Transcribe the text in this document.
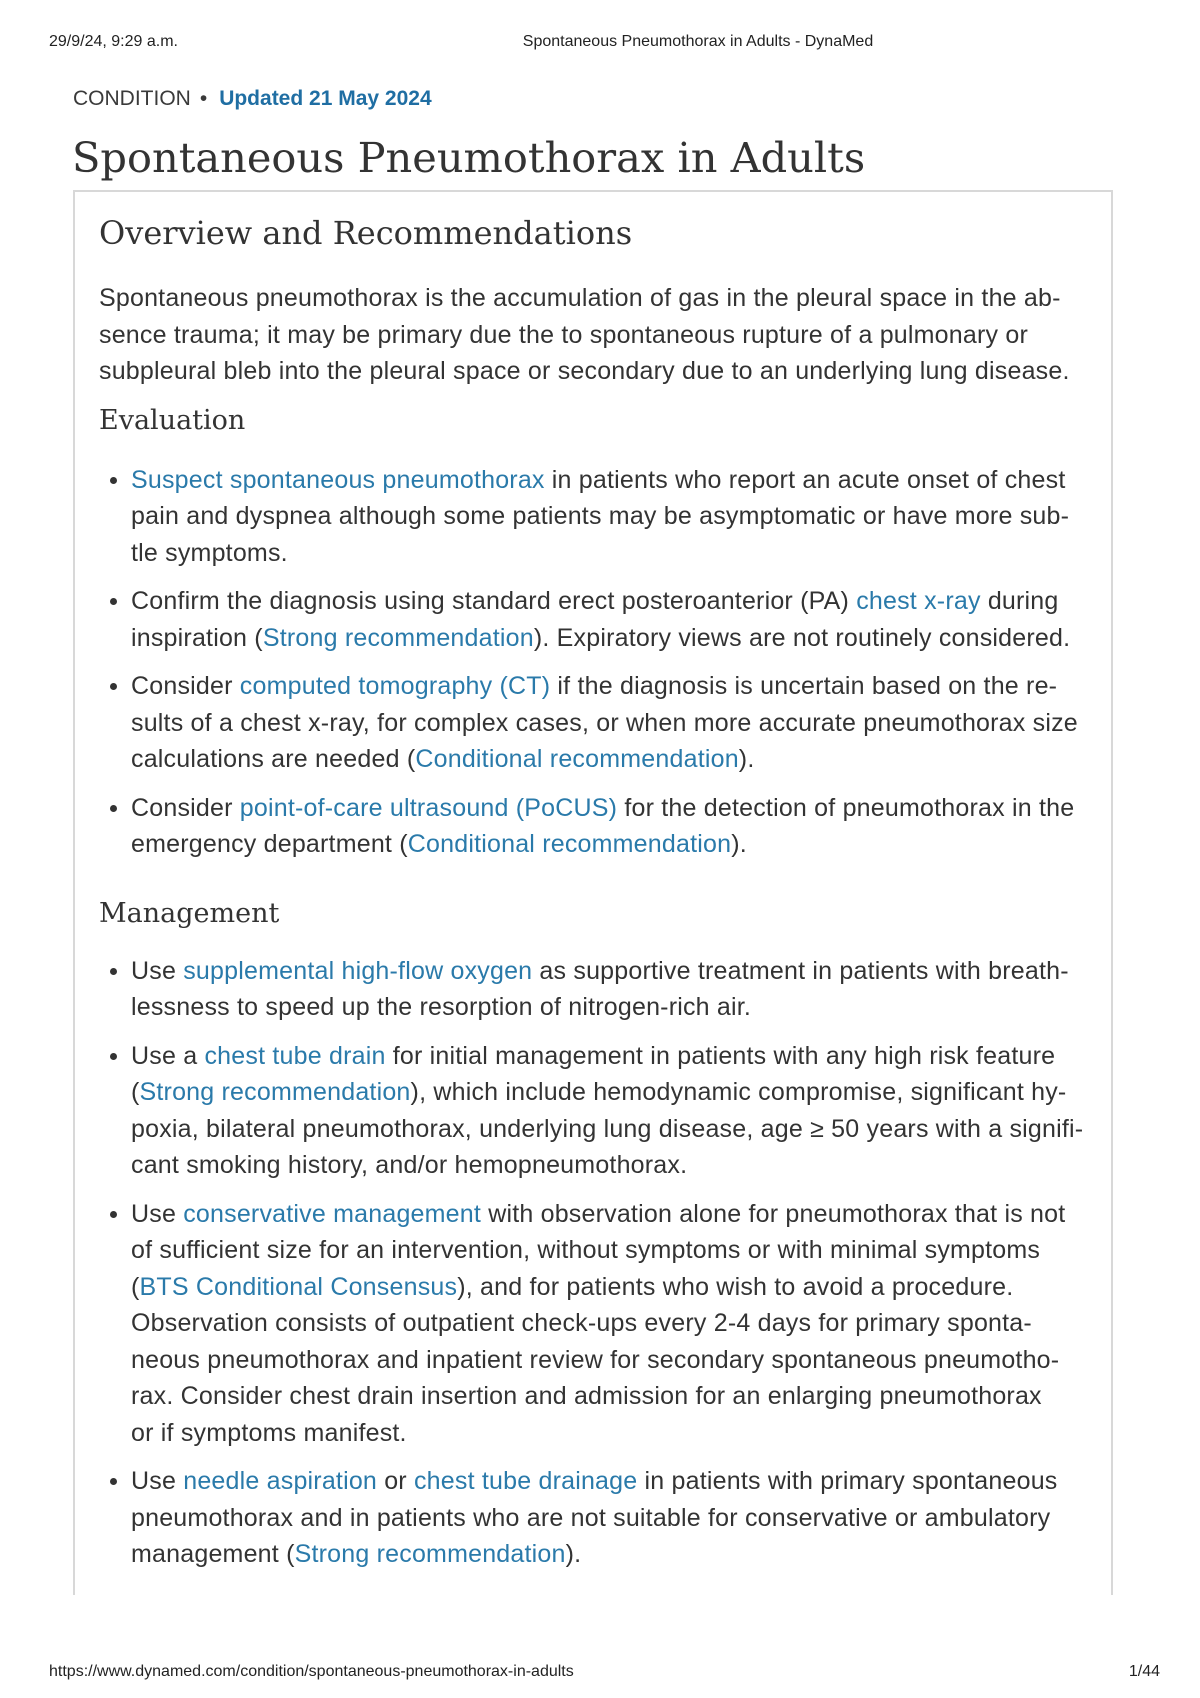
29/9/24, 9:29 a.m.	Spontaneous Pneumothorax in Adults - DynaMed
CONDITION • Updated 21 May 2024
Spontaneous Pneumothorax in Adults
Overview and Recommendations
Spontaneous pneumothorax is the accumulation of gas in the pleural space in the ab-
sence trauma; it may be primary due the to spontaneous rupture of a pulmonary or
subpleural bleb into the pleural space or secondary due to an underlying lung disease.
Evaluation
Suspect spontaneous pneumothorax in patients who report an acute onset of chest
pain and dyspnea although some patients may be asymptomatic or have more sub-
tle symptoms.
Confirm the diagnosis using standard erect posteroanterior (PA) chest x-ray during
inspiration (Strong recommendation). Expiratory views are not routinely considered.
Consider computed tomography (CT) if the diagnosis is uncertain based on the re-
sults of a chest x-ray, for complex cases, or when more accurate pneumothorax size
calculations are needed (Conditional recommendation).
Consider point-of-care ultrasound (PoCUS) for the detection of pneumothorax in the
emergency department (Conditional recommendation).
Management
Use supplemental high-flow oxygen as supportive treatment in patients with breath-
lessness to speed up the resorption of nitrogen-rich air.
Use a chest tube drain for initial management in patients with any high risk feature
(Strong recommendation), which include hemodynamic compromise, significant hy-
poxia, bilateral pneumothorax, underlying lung disease, age ≥ 50 years with a signifi-
cant smoking history, and/or hemopneumothorax.
Use conservative management with observation alone for pneumothorax that is not
of sufficient size for an intervention, without symptoms or with minimal symptoms
(BTS Conditional Consensus), and for patients who wish to avoid a procedure.
Observation consists of outpatient check-ups every 2-4 days for primary sponta-
neous pneumothorax and inpatient review for secondary spontaneous pneumotho-
rax. Consider chest drain insertion and admission for an enlarging pneumothorax
or if symptoms manifest.
Use needle aspiration or chest tube drainage in patients with primary spontaneous
pneumothorax and in patients who are not suitable for conservative or ambulatory
management (Strong recommendation).
https://www.dynamed.com/condition/spontaneous-pneumothorax-in-adults	1/44
